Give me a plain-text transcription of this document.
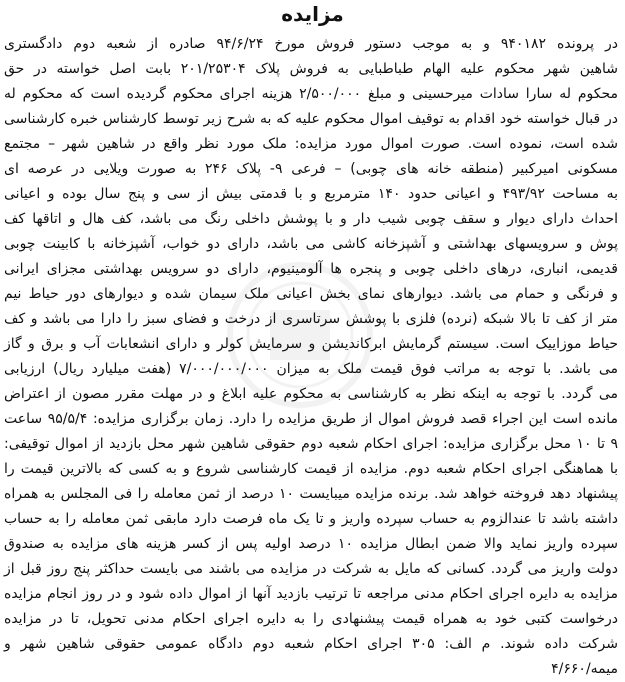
مزایده
در پرونده ۹۴۰۱۸۲ و به موجب دستور فروش مورخ ۹۴/۶/۲۴ صادره از شعبه دوم دادگستری
شاهین شهر محکوم علیه الهام طباطبایی به فروش پلاک ۲۰۱/۲۵۳۰۴ بابت اصل خواسته در حق
محکوم له سارا سادات میرحسینی و مبلغ ۲/۵۰۰/۰۰۰ هزینه اجرای محکوم گردیده است که محکوم له
در قبال خواسته خود اقدام به توقیف اموال محکوم علیه که به شرح زیر توسط کارشناس خبره کارشناسی
شده است، نموده است. صورت اموال مورد مزایده: ملک مورد نظر واقع در شاهین شهر – مجتمع
مسکونی امیرکبیر (منطقه خانه های چوبی) – فرعی ۹- پلاک ۲۴۶ به صورت ویلایی در عرصه ای
به مساحت ۴۹۳/۹۲ و اعیانی حدود ۱۴۰ مترمربع و با قدمتی بیش از سی و پنج سال بوده و اعیانی
احداث دارای دیوار و سقف چوبی شیب دار و با پوشش داخلی رنگ می باشد، کف هال و اتاقها کف
پوش و سرویسهای بهداشتی و آشپزخانه کاشی می باشد، دارای دو خواب، آشپزخانه با کابینت چوبی
قدیمی، انباری، درهای داخلی چوبی و پنجره ها آلومینیوم، دارای دو سرویس بهداشتی مجزای ایرانی
و فرنگی و حمام می باشد. دیوارهای نمای بخش اعیانی ملک سیمان شده و دیوارهای دور حیاط نیم
متر از کف تا بالا شبکه (نرده) فلزی با پوشش سرتاسری از درخت و فضای سبز را دارا می باشد و کف
حیاط موزاییک است. سیستم گرمایش ابرکاندیشن و سرمایش کولر و دارای انشعابات آب و برق و گاز
می باشد. با توجه به مراتب فوق قیمت ملک به میزان ۷/۰۰۰/۰۰۰/۰۰۰ (هفت میلیارد ریال) ارزیابی
می گردد. با توجه به اینکه نظر به کارشناسی به محکوم علیه ابلاغ و در مهلت مقرر مصون از اعتراض
مانده است این اجراء قصد فروش اموال از طریق مزایده را دارد. زمان برگزاری مزایده: ۹۵/۵/۴ ساعت
۹ تا ۱۰ محل برگزاری مزایده: اجرای احکام شعبه دوم حقوقی شاهین شهر محل بازدید از اموال توقیفی:
با هماهنگی اجرای احکام شعبه دوم. مزایده از قیمت کارشناسی شروع و به کسی که بالاترین قیمت را
پیشنهاد دهد فروخته خواهد شد. برنده مزایده میبایست ۱۰ درصد از ثمن معامله را فی المجلس به همراه
داشته باشد تا عندالزوم به حساب سپرده واریز و تا یک ماه فرصت دارد مابقی ثمن معامله را به حساب
سپرده واریز نماید والا ضمن ابطال مزایده ۱۰ درصد اولیه پس از کسر هزینه های مزایده به صندوق
دولت واریز می گردد. کسانی که مایل به شرکت در مزایده می باشند می بایست حداکثر پنج روز قبل از
مزایده به دایره اجرای احکام مدنی مراجعه تا ترتیب بازدید آنها از اموال داده شود و در روز انجام مزایده
درخواست کتبی خود به همراه قیمت پیشنهادی را به دایره اجرای احکام مدنی تحویل، تا در مزایده
شرکت داده شوند. م الف: ۳۰۵ اجرای احکام شعبه دوم دادگاه عمومی حقوقی شاهین شهر و
میمه/۴/۶۶۰
